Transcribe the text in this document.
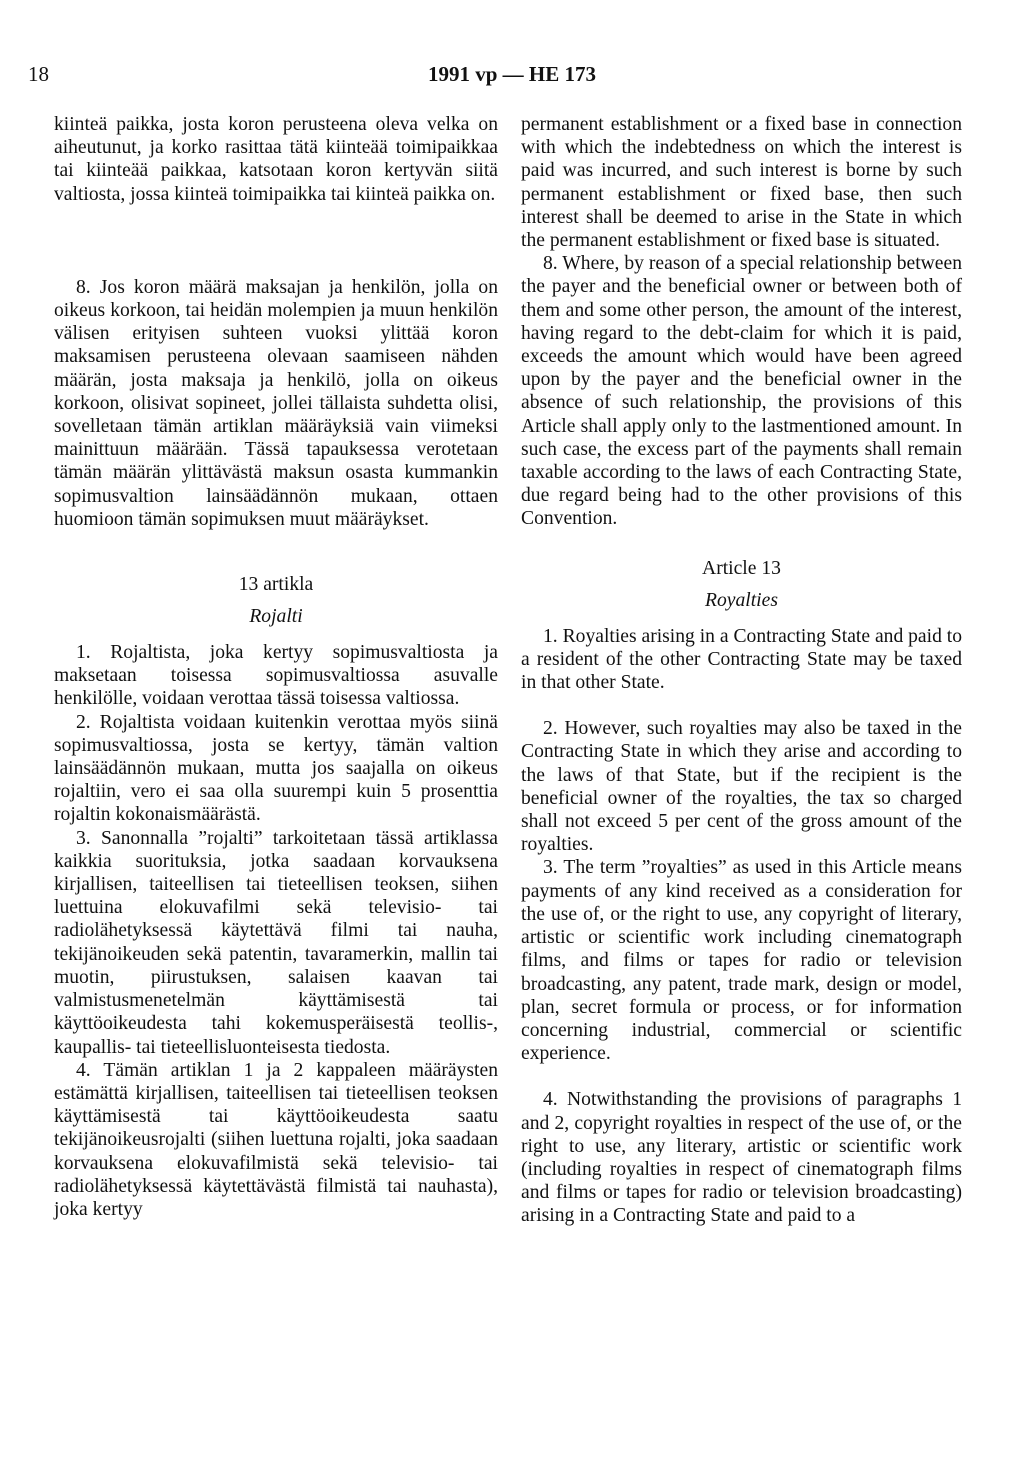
18	1991 vp — HE 173

kiinteä paikka, josta koron perusteena oleva velka on aiheutunut, ja korko rasittaa tätä kiinteää toimipaikkaa tai kiinteää paikkaa, katsotaan koron kertyvän siitä valtiosta, jossa kiinteä toimipaikka tai kiinteä paikka on.

8. Jos koron määrä maksajan ja henkilön, jolla on oikeus korkoon, tai heidän molempien ja muun henkilön välisen erityisen suhteen vuoksi ylittää koron maksamisen perusteena olevaan saamiseen nähden määrän, josta maksaja ja henkilö, jolla on oikeus korkoon, olisivat sopineet, jollei tällaista suhdetta olisi, sovelletaan tämän artiklan määräyksiä vain viimeksi mainittuun määrään. Tässä tapauksessa verotetaan tämän määrän ylittävästä maksun osasta kummankin sopimusvaltion lainsäädännön mukaan, ottaen huomioon tämän sopimuksen muut määräykset.

13 artikla
Rojalti

1. Rojaltista, joka kertyy sopimusvaltiosta ja maksetaan toisessa sopimusvaltiossa asuvalle henkilölle, voidaan verottaa tässä toisessa valtiossa.

2. Rojaltista voidaan kuitenkin verottaa myös siinä sopimusvaltiossa, josta se kertyy, tämän valtion lainsäädännön mukaan, mutta jos saajalla on oikeus rojaltiin, vero ei saa olla suurempi kuin 5 prosenttia rojaltin kokonaismäärästä.

3. Sanonnalla ”rojalti” tarkoitetaan tässä artiklassa kaikkia suorituksia, jotka saadaan korvauksena kirjallisen, taiteellisen tai tieteellisen teoksen, siihen luettuina elokuvafilmi sekä televisio- tai radiolähetyksessä käytettävä filmi tai nauha, tekijänoikeuden sekä patentin, tavaramerkin, mallin tai muotin, piirustuksen, salaisen kaavan tai valmistusmenetelmän käyttämisestä tai käyttöoikeudesta tahi kokemusperäisestä teollis-, kaupallis- tai tieteellisluonteisesta tiedosta.

4. Tämän artiklan 1 ja 2 kappaleen määräysten estämättä kirjallisen, taiteellisen tai tieteellisen teoksen käyttämisestä tai käyttöoikeudesta saatu tekijänoikeusrojalti (siihen luettuna rojalti, joka saadaan korvauksena elokuvafilmistä sekä televisio- tai radiolähetyksessä käytettävästä filmistä tai nauhasta), joka kertyy

permanent establishment or a fixed base in connection with which the indebtedness on which the interest is paid was incurred, and such interest is borne by such permanent establishment or fixed base, then such interest shall be deemed to arise in the State in which the permanent establishment or fixed base is situated.

8. Where, by reason of a special relationship between the payer and the beneficial owner or between both of them and some other person, the amount of the interest, having regard to the debt-claim for which it is paid, exceeds the amount which would have been agreed upon by the payer and the beneficial owner in the absence of such relationship, the provisions of this Article shall apply only to the lastmentioned amount. In such case, the excess part of the payments shall remain taxable according to the laws of each Contracting State, due regard being had to the other provisions of this Convention.

Article 13
Royalties

1. Royalties arising in a Contracting State and paid to a resident of the other Contracting State may be taxed in that other State.

2. However, such royalties may also be taxed in the Contracting State in which they arise and according to the laws of that State, but if the recipient is the beneficial owner of the royalties, the tax so charged shall not exceed 5 per cent of the gross amount of the royalties.

3. The term ”royalties” as used in this Article means payments of any kind received as a consideration for the use of, or the right to use, any copyright of literary, artistic or scientific work including cinematograph films, and films or tapes for radio or television broadcasting, any patent, trade mark, design or model, plan, secret formula or process, or for information concerning industrial, commercial or scientific experience.

4. Notwithstanding the provisions of paragraphs 1 and 2, copyright royalties in respect of the use of, or the right to use, any literary, artistic or scientific work (including royalties in respect of cinematograph films and films or tapes for radio or television broadcasting) arising in a Contracting State and paid to a
